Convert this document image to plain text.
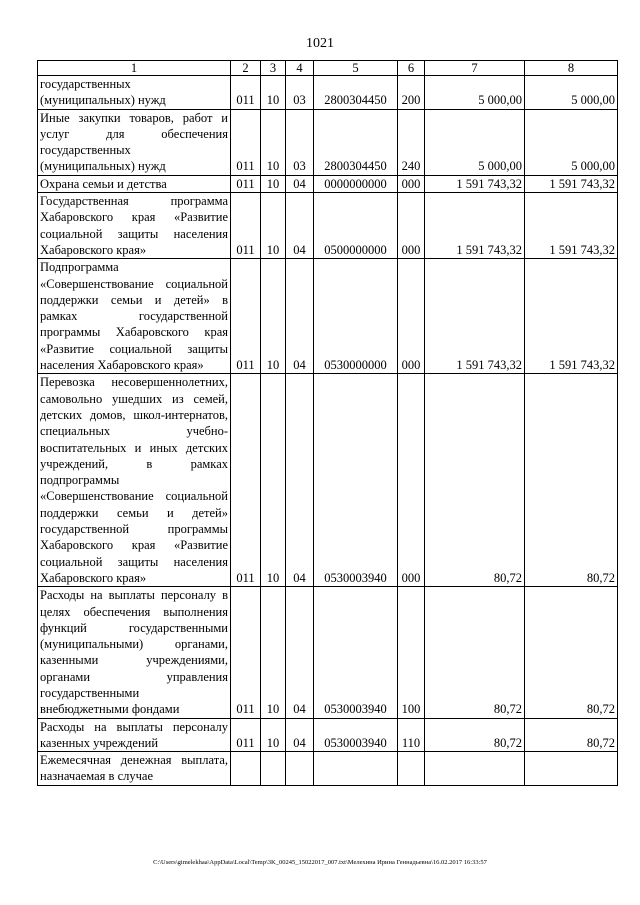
1021
1	2	3	4	5	6	7	8
государственных (муниципальных) нужд	011	10	03	2800304450	200	5 000,00	5 000,00
Иные закупки товаров, работ и услуг для обеспечения государственных (муниципальных) нужд	011	10	03	2800304450	240	5 000,00	5 000,00
Охрана семьи и детства	011	10	04	0000000000	000	1 591 743,32	1 591 743,32
Государственная программа Хабаровского края «Развитие социальной защиты населения Хабаровского края»	011	10	04	0500000000	000	1 591 743,32	1 591 743,32
Подпрограмма «Совершенствование социальной поддержки семьи и детей» в рамках государственной программы Хабаровского края «Развитие социальной защиты населения Хабаровского края»	011	10	04	0530000000	000	1 591 743,32	1 591 743,32
Перевозка несовершеннолетних, самовольно ушедших из семей, детских домов, школ-интернатов, специальных учебно-воспитательных и иных детских учреждений, в рамках подпрограммы «Совершенствование социальной поддержки семьи и детей» государственной программы Хабаровского края «Развитие социальной защиты населения Хабаровского края»	011	10	04	0530003940	000	80,72	80,72
Расходы на выплаты персоналу в целях обеспечения выполнения функций государственными (муниципальными) органами, казенными учреждениями, органами управления государственными внебюджетными фондами	011	10	04	0530003940	100	80,72	80,72
Расходы на выплаты персоналу казенных учреждений	011	10	04	0530003940	110	80,72	80,72
Ежемесячная денежная выплата, назначаемая в случае							
C:\Users\gimelekhaa\AppData\Local\Temp\3K_00245_15022017_007.txt\Мелехина Ирина Геннадьевна\16.02.2017 16:33:57
